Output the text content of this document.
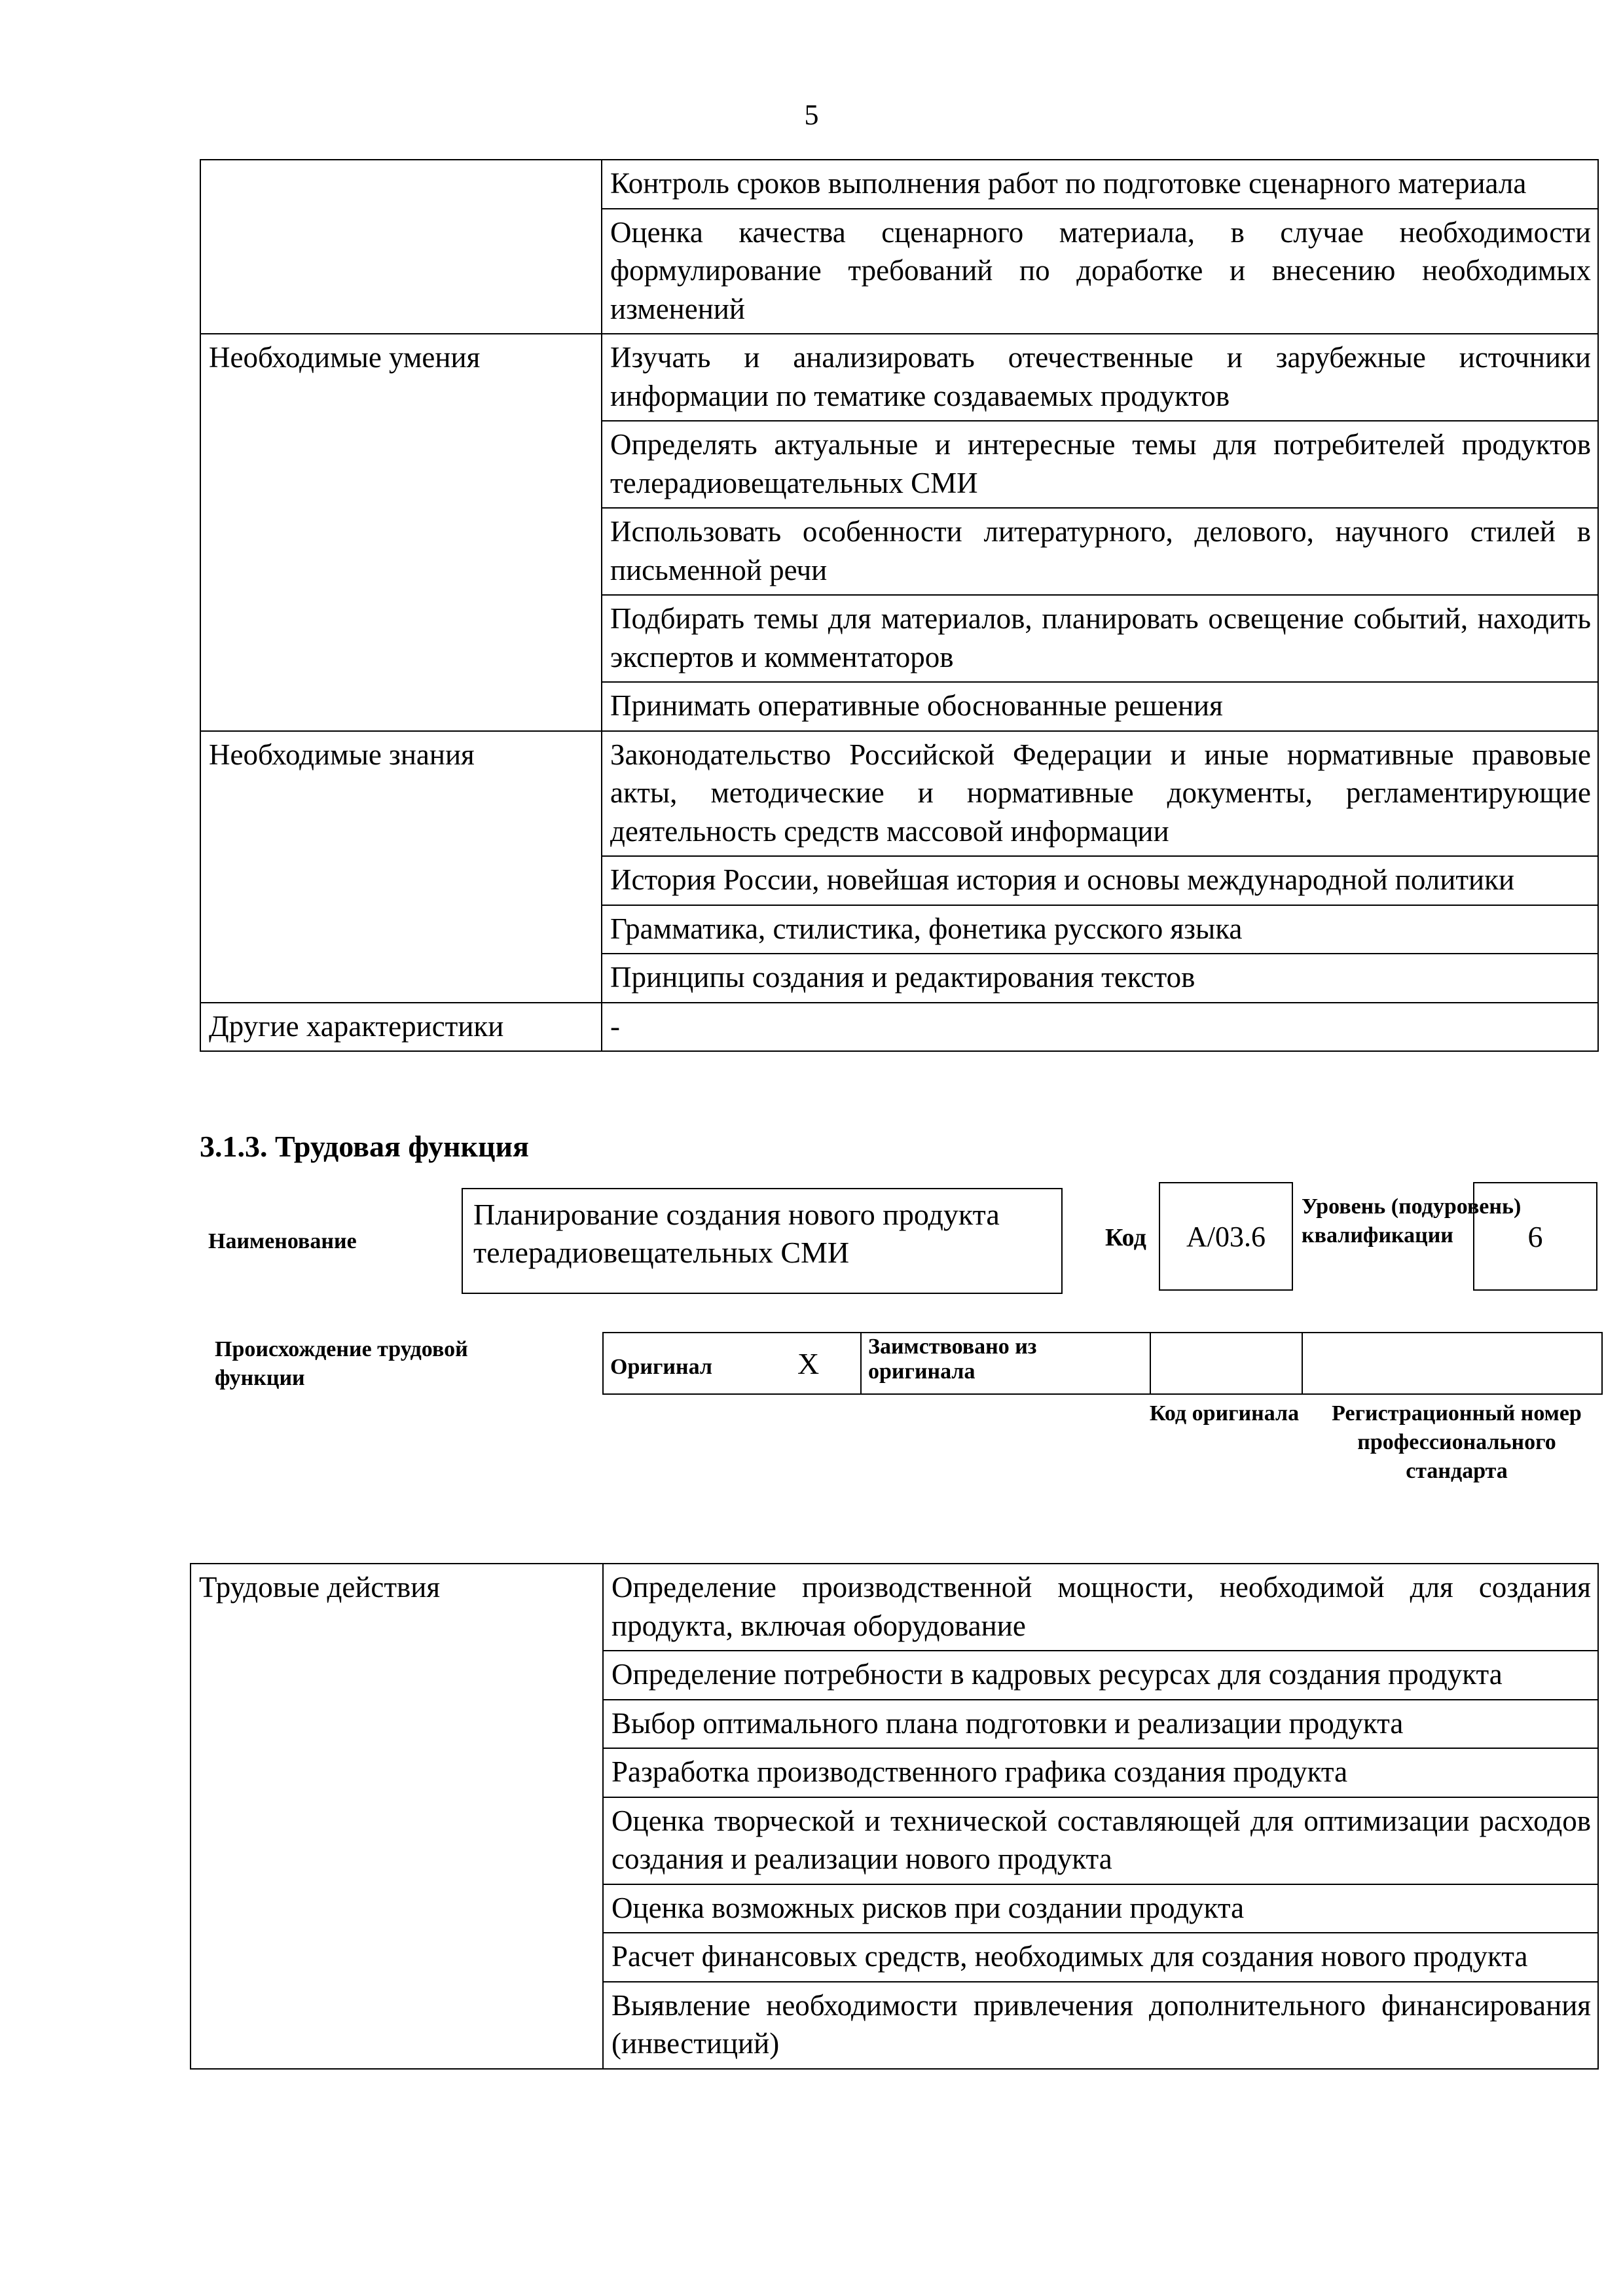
5
	Контроль сроков выполнения работ по подготовке сценарного материала
	Оценка качества сценарного материала, в случае необходимости формулирование требований по доработке и внесению необходимых изменений
Необходимые умения	Изучать и анализировать отечественные и зарубежные источники информации по тематике создаваемых продуктов
	Определять актуальные и интересные темы для потребителей продуктов телерадиовещательных СМИ
	Использовать особенности литературного, делового, научного стилей в письменной речи
	Подбирать темы для материалов, планировать освещение событий, находить экспертов и комментаторов
	Принимать оперативные обоснованные решения
Необходимые знания	Законодательство Российской Федерации и иные нормативные правовые акты, методические и нормативные документы, регламентирующие деятельность средств массовой информации
	История России, новейшая история и основы международной политики
	Грамматика, стилистика, фонетика русского языка
	Принципы создания и редактирования текстов
Другие характеристики	-
3.1.3. Трудовая функция
Наименование
Планирование создания нового продукта телерадиовещательных СМИ	Код	А/03.6
Уровень (подуровень) квалификации	6
Происхождение трудовой функции	Оригинал	X	Заимствовано из оригинала		
Код оригинала	Регистрационный номер профессионального стандарта
Трудовые действия	Определение производственной мощности, необходимой для создания продукта, включая оборудование
Определение потребности в кадровых ресурсах для создания продукта
Выбор оптимального плана подготовки и реализации продукта
Разработка производственного графика создания продукта
Оценка творческой и технической составляющей для оптимизации расходов создания и реализации нового продукта
Оценка возможных рисков при создании продукта
Расчет финансовых средств, необходимых для создания нового продукта
Выявление необходимости привлечения дополнительного финансирования (инвестиций)
